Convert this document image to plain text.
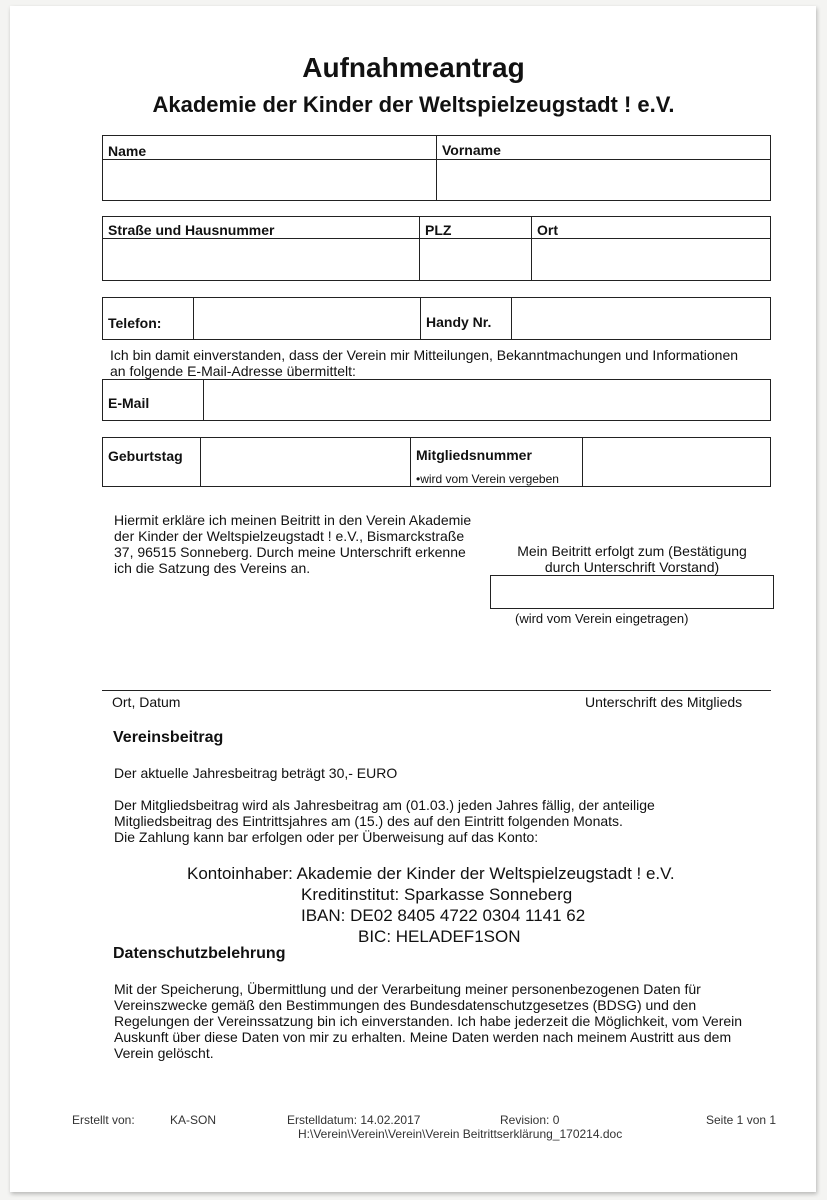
Aufnahmeantrag
Akademie der Kinder der Weltspielzeugstadt ! e.V.
Name	Vorname
Straße und Hausnummer	PLZ	Ort
Telefon:	Handy Nr.
Ich bin damit einverstanden, dass der Verein mir Mitteilungen, Bekanntmachungen und Informationen
an folgende E-Mail-Adresse übermittelt:
E-Mail
Geburtstag	Mitgliedsnummer
•wird vom Verein vergeben
Hiermit erkläre ich meinen Beitritt in den Verein Akademie
der Kinder der Weltspielzeugstadt ! e.V., Bismarckstraße
37, 96515 Sonneberg. Durch meine Unterschrift erkenne
ich die Satzung des Vereins an.
Mein Beitritt erfolgt zum (Bestätigung
durch Unterschrift Vorstand)
(wird vom Verein eingetragen)
Ort, Datum	Unterschrift des Mitglieds
Vereinsbeitrag
Der aktuelle Jahresbeitrag beträgt 30,- EURO
Der Mitgliedsbeitrag wird als Jahresbeitrag am (01.03.) jeden Jahres fällig, der anteilige
Mitgliedsbeitrag des Eintrittsjahres am (15.) des auf den Eintritt folgenden Monats.
Die Zahlung kann bar erfolgen oder per Überweisung auf das Konto:
Kontoinhaber: Akademie der Kinder der Weltspielzeugstadt ! e.V.
Kreditinstitut: Sparkasse Sonneberg
IBAN: DE02 8405 4722 0304 1141 62
BIC: HELADEF1SON
Datenschutzbelehrung
Mit der Speicherung, Übermittlung und der Verarbeitung meiner personenbezogenen Daten für
Vereinszwecke gemäß den Bestimmungen des Bundesdatenschutzgesetzes (BDSG) und den
Regelungen der Vereinssatzung bin ich einverstanden. Ich habe jederzeit die Möglichkeit, vom Verein
Auskunft über diese Daten von mir zu erhalten. Meine Daten werden nach meinem Austritt aus dem
Verein gelöscht.
Erstellt von:	KA-SON	Erstelldatum: 14.02.2017	Revision: 0	Seite 1 von 1
H:\Verein\Verein\Verein\Verein Beitrittserklärung_170214.doc
